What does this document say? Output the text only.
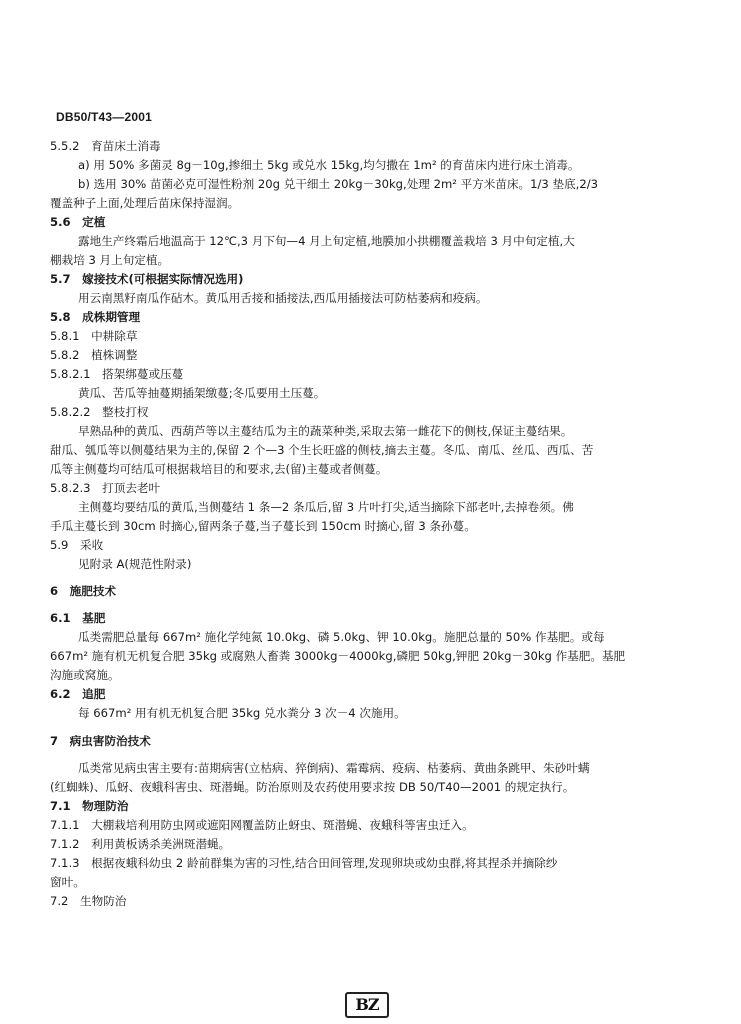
DB50/T43—2001
5.5.2　育苗床土消毒
a) 用 50% 多菌灵 8g－10g,掺细土 5kg 或兑水 15kg,均匀撒在 1m² 的育苗床内进行床土消毒。
b) 选用 30% 苗菌必克可湿性粉剂 20g 兑干细土 20kg－30kg,处理 2m² 平方米苗床。1/3 垫底,2/3
覆盖种子上面,处理后苗床保持湿润。
5.6　定植
露地生产终霜后地温高于 12℃,3 月下旬—4 月上旬定植,地膜加小拱棚覆盖栽培 3 月中旬定植,大
棚栽培 3 月上旬定植。
5.7　嫁接技术(可根据实际情况选用)
用云南黑籽南瓜作砧木。黄瓜用舌接和插接法,西瓜用插接法可防枯萎病和疫病。
5.8　成株期管理
5.8.1　中耕除草
5.8.2　植株调整
5.8.2.1　搭架绑蔓或压蔓
黄瓜、苦瓜等抽蔓期插架缴蔓;冬瓜要用土压蔓。
5.8.2.2　整枝打杈
早熟品种的黄瓜、西葫芦等以主蔓结瓜为主的蔬菜种类,采取去第一雌花下的侧枝,保证主蔓结果。
甜瓜、瓠瓜等以侧蔓结果为主的,保留 2 个—3 个生长旺盛的侧枝,摘去主蔓。冬瓜、南瓜、丝瓜、西瓜、苦
瓜等主侧蔓均可结瓜可根据栽培目的和要求,去(留)主蔓或者侧蔓。
5.8.2.3　打顶去老叶
主侧蔓均要结瓜的黄瓜,当侧蔓结 1 条—2 条瓜后,留 3 片叶打尖,适当摘除下部老叶,去掉卷须。佛
手瓜主蔓长到 30cm 时摘心,留两条子蔓,当子蔓长到 150cm 时摘心,留 3 条孙蔓。
5.9　采收
见附录 A(规范性附录)
6　施肥技术
6.1　基肥
瓜类需肥总量每 667m² 施化学纯氮 10.0kg、磷 5.0kg、钾 10.0kg。施肥总量的 50% 作基肥。或每
667m² 施有机无机复合肥 35kg 或腐熟人畜粪 3000kg－4000kg,磷肥 50kg,钾肥 20kg－30kg 作基肥。基肥
沟施或窝施。
6.2　追肥
每 667m² 用有机无机复合肥 35kg 兑水粪分 3 次－4 次施用。
7　病虫害防治技术
瓜类常见病虫害主要有:苗期病害(立枯病、猝倒病)、霜霉病、疫病、枯萎病、黄曲条跳甲、朱砂叶螨
(红蜘蛛)、瓜蚜、夜蛾科害虫、斑潜蝇。防治原则及农药使用要求按 DB 50/T40—2001 的规定执行。
7.1　物理防治
7.1.1　大棚栽培利用防虫网或遮阳网覆盖防止蚜虫、斑潜蝇、夜蛾科等害虫迁入。
7.1.2　利用黄板诱杀美洲斑潜蝇。
7.1.3　根据夜蛾科幼虫 2 龄前群集为害的习性,结合田间管理,发现卵块或幼虫群,将其捏杀并摘除纱
窗叶。
7.2　生物防治
BZ
